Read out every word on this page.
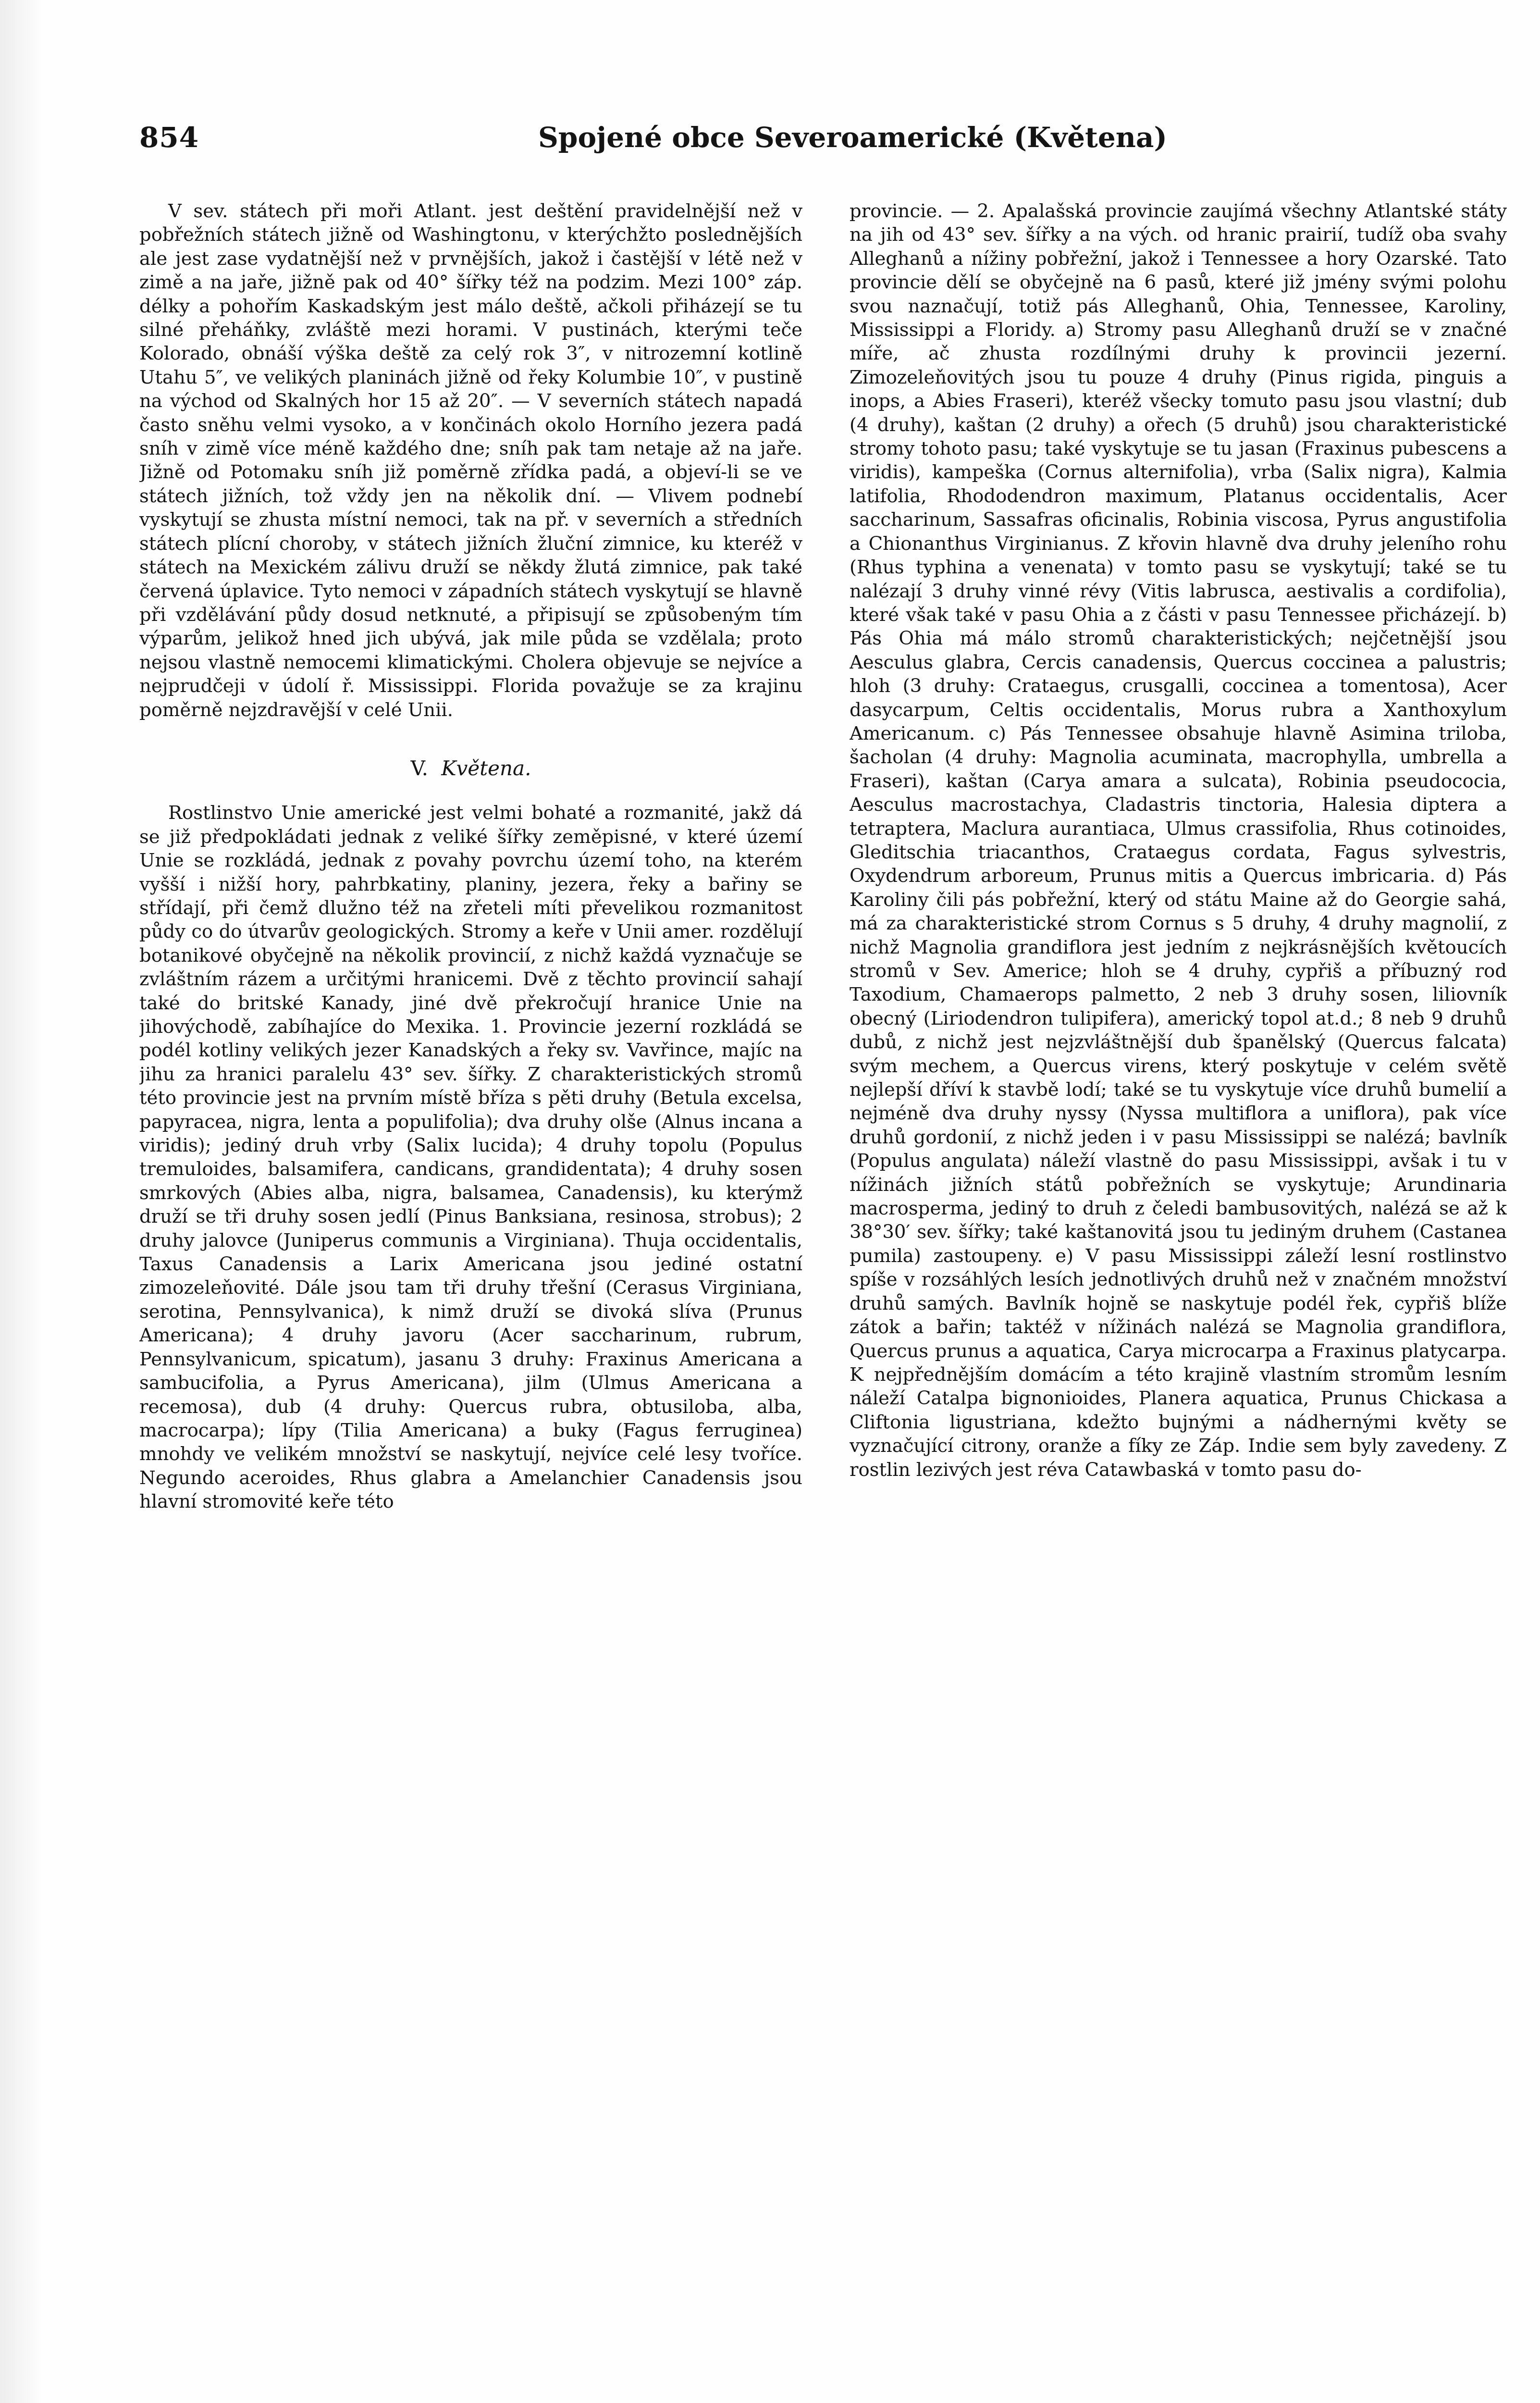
854	Spojené obce Severoamerické (Květena)

V sev. státech při moři Atlant. jest deštění pravidelnější než v pobřežních státech jižně od Washingtonu, v kterýchžto poslednějších ale jest zase vydatnější než v prvnějších, jakož i častější v létě než v zimě a na jaře, jižně pak od 40° šířky též na podzim. Mezi 100° záp. délky a pohořím Kaskadským jest málo deště, ačkoli přiházejí se tu silné přeháňky, zvláště mezi horami. V pustinách, kterými teče Kolorado, obnáší výška deště za celý rok 3″, v nitrozemní kotlině Utahu 5″, ve velikých planinách jižně od řeky Kolumbie 10″, v pustině na východ od Skalných hor 15 až 20″. — V severních státech napadá často sněhu velmi vysoko, a v končinách okolo Horního jezera padá sníh v zimě více méně každého dne; sníh pak tam netaje až na jaře. Jižně od Potomaku sníh již poměrně zřídka padá, a objeví-li se ve státech jižních, tož vždy jen na několik dní. — Vlivem podnebí vyskytují se zhusta místní nemoci, tak na př. v severních a středních státech plícní choroby, v státech jižních žluční zimnice, ku kteréž v státech na Mexickém zálivu druží se někdy žlutá zimnice, pak také červená úplavice. Tyto nemoci v západních státech vyskytují se hlavně při vzdělávání půdy dosud netknuté, a připisují se způsobeným tím výparům, jelikož hned jich ubývá, jak mile půda se vzdělala; proto nejsou vlastně nemocemi klimatickými. Cholera objevuje se nejvíce a nejprudčeji v údolí ř. Mississippi. Florida považuje se za krajinu poměrně nejzdravější v celé Unii.

V. Květena.

Rostlinstvo Unie americké jest velmi bohaté a rozmanité, jakž dá se již předpokládati jednak z veliké šířky zeměpisné, v které území Unie se rozkládá, jednak z povahy povrchu území toho, na kterém vyšší i nižší hory, pahrbkatiny, planiny, jezera, řeky a bařiny se střídají, při čemž dlužno též na zřeteli míti převelikou rozmanitost půdy co do útvarův geologických. Stromy a keře v Unii amer. rozdělují botanikové obyčejně na několik provincií, z nichž každá vyznačuje se zvláštním rázem a určitými hranicemi. Dvě z těchto provincií sahají také do britské Kanady, jiné dvě překročují hranice Unie na jihovýchodě, zabíhajíce do Mexika. 1. Provincie jezerní rozkládá se podél kotliny velikých jezer Kanadských a řeky sv. Vavřince, majíc na jihu za hranici paralelu 43° sev. šířky. Z charakteristických stromů této provincie jest na prvním místě bříza s pěti druhy (Betula excelsa, papyracea, nigra, lenta a populifolia); dva druhy olše (Alnus incana a viridis); jediný druh vrby (Salix lucida); 4 druhy topolu (Populus tremuloides, balsamifera, candicans, grandidentata); 4 druhy sosen smrkových (Abies alba, nigra, balsamea, Canadensis), ku kterýmž druží se tři druhy sosen jedlí (Pinus Banksiana, resinosa, strobus); 2 druhy jalovce (Juniperus communis a Virginiana). Thuja occidentalis, Taxus Canadensis a Larix Americana jsou jediné ostatní zimozeleňovité. Dále jsou tam tři druhy třešní (Cerasus Virginiana, serotina, Pennsylvanica), k nimž druží se divoká slíva (Prunus Americana); 4 druhy javoru (Acer saccharinum, rubrum, Pennsylvanicum, spicatum), jasanu 3 druhy: Fraxinus Americana a sambucifolia, a Pyrus Americana), jilm (Ulmus Americana a recemosa), dub (4 druhy: Quercus rubra, obtusiloba, alba, macrocarpa); lípy (Tilia Americana) a buky (Fagus ferruginea) mnohdy ve velikém množství se naskytují, nejvíce celé lesy tvoříce. Negundo aceroides, Rhus glabra a Amelanchier Canadensis jsou hlavní stromovité keře této

provincie. — 2. Apalašská provincie zaujímá všechny Atlantské státy na jih od 43° sev. šířky a na vých. od hranic prairií, tudíž oba svahy Alleghanů a nížiny pobřežní, jakož i Tennessee a hory Ozarské. Tato provincie dělí se obyčejně na 6 pasů, které již jmény svými polohu svou naznačují, totiž pás Alleghanů, Ohia, Tennessee, Karoliny, Mississippi a Floridy. a) Stromy pasu Alleghanů druží se v značné míře, ač zhusta rozdílnými druhy k provincii jezerní. Zimozeleňovitých jsou tu pouze 4 druhy (Pinus rigida, pinguis a inops, a Abies Fraseri), kteréž všecky tomuto pasu jsou vlastní; dub (4 druhy), kaštan (2 druhy) a ořech (5 druhů) jsou charakteristické stromy tohoto pasu; také vyskytuje se tu jasan (Fraxinus pubescens a viridis), kampeška (Cornus alternifolia), vrba (Salix nigra), Kalmia latifolia, Rhododendron maximum, Platanus occidentalis, Acer saccharinum, Sassafras oficinalis, Robinia viscosa, Pyrus angustifolia a Chionanthus Virginianus. Z křovin hlavně dva druhy jeleního rohu (Rhus typhina a venenata) v tomto pasu se vyskytují; také se tu nalézají 3 druhy vinné révy (Vitis labrusca, aestivalis a cordifolia), které však také v pasu Ohia a z části v pasu Tennessee přicházejí. b) Pás Ohia má málo stromů charakteristických; nejčetnější jsou Aesculus glabra, Cercis canadensis, Quercus coccinea a palustris; hloh (3 druhy: Crataegus, crusgalli, coccinea a tomentosa), Acer dasycarpum, Celtis occidentalis, Morus rubra a Xanthoxylum Americanum. c) Pás Tennessee obsahuje hlavně Asimina triloba, šacholan (4 druhy: Magnolia acuminata, macrophylla, umbrella a Fraseri), kaštan (Carya amara a sulcata), Robinia pseudococia, Aesculus macrostachya, Cladastris tinctoria, Halesia diptera a tetraptera, Maclura aurantiaca, Ulmus crassifolia, Rhus cotinoides, Gleditschia triacanthos, Crataegus cordata, Fagus sylvestris, Oxydendrum arboreum, Prunus mitis a Quercus imbricaria. d) Pás Karoliny čili pás pobřežní, který od státu Maine až do Georgie sahá, má za charakteristické strom Cornus s 5 druhy, 4 druhy magnolií, z nichž Magnolia grandiflora jest jedním z nejkrásnějších květoucích stromů v Sev. Americe; hloh se 4 druhy, cypřiš a příbuzný rod Taxodium, Chamaerops palmetto, 2 neb 3 druhy sosen, liliovník obecný (Liriodendron tulipifera), americký topol at.d.; 8 neb 9 druhů dubů, z nichž jest nejzvláštnější dub španělský (Quercus falcata) svým mechem, a Quercus virens, který poskytuje v celém světě nejlepší dříví k stavbě lodí; také se tu vyskytuje více druhů bumelií a nejméně dva druhy nyssy (Nyssa multiflora a uniflora), pak více druhů gordonií, z nichž jeden i v pasu Mississippi se nalézá; bavlník (Populus angulata) náleží vlastně do pasu Mississippi, avšak i tu v nížinách jižních států pobřežních se vyskytuje; Arundinaria macrosperma, jediný to druh z čeledi bambusovitých, nalézá se až k 38°30′ sev. šířky; také kaštanovitá jsou tu jediným druhem (Castanea pumila) zastoupeny. e) V pasu Mississippi záleží lesní rostlinstvo spíše v rozsáhlých lesích jednotlivých druhů než v značném množství druhů samých. Bavlník hojně se naskytuje podél řek, cypřiš blíže zátok a bařin; taktéž v nížinách nalézá se Magnolia grandiflora, Quercus prunus a aquatica, Carya microcarpa a Fraxinus platycarpa. K nejpřednějším domácím a této krajině vlastním stromům lesním náleží Catalpa bignonioides, Planera aquatica, Prunus Chickasa a Cliftonia ligustriana, kdežto bujnými a nádhernými květy se vyznačující citrony, oranže a fíky ze Záp. Indie sem byly zavedeny. Z rostlin lezivých jest réva Catawbaská v tomto pasu do-
